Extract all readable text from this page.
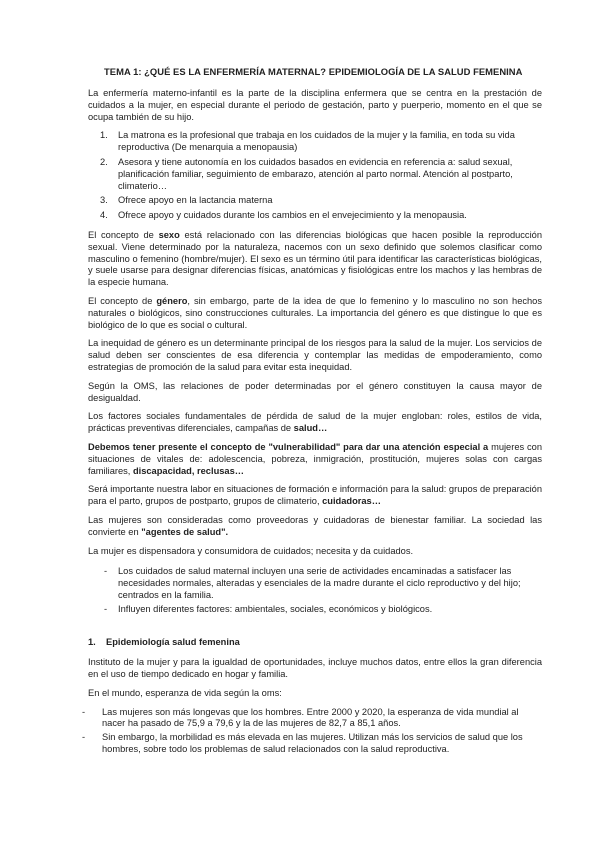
TEMA 1: ¿QUÉ ES LA ENFERMERÍA MATERNAL? EPIDEMIOLOGÍA DE LA SALUD FEMENINA

La enfermería materno-infantil es la parte de la disciplina enfermera que se centra en la prestación de cuidados a la mujer, en especial durante el periodo de gestación, parto y puerperio, momento en el que se ocupa también de su hijo.

1. La matrona es la profesional que trabaja en los cuidados de la mujer y la familia, en toda su vida reproductiva (De menarquia a menopausia)
2. Asesora y tiene autonomía en los cuidados basados en evidencia en referencia a: salud sexual, planificación familiar, seguimiento de embarazo, atención al parto normal. Atención al postparto, climaterio…
3. Ofrece apoyo en la lactancia materna
4. Ofrece apoyo y cuidados durante los cambios en el envejecimiento y la menopausia.

El concepto de sexo está relacionado con las diferencias biológicas que hacen posible la reproducción sexual. Viene determinado por la naturaleza, nacemos con un sexo definido que solemos clasificar como masculino o femenino (hombre/mujer). El sexo es un término útil para identificar las características biológicas, y suele usarse para designar diferencias físicas, anatómicas y fisiológicas entre los machos y las hembras de la especie humana.

El concepto de género, sin embargo, parte de la idea de que lo femenino y lo masculino no son hechos naturales o biológicos, sino construcciones culturales. La importancia del género es que distingue lo que es biológico de lo que es social o cultural.

La inequidad de género es un determinante principal de los riesgos para la salud de la mujer. Los servicios de salud deben ser conscientes de esa diferencia y contemplar las medidas de empoderamiento, como estrategias de promoción de la salud para evitar esta inequidad.

Según la OMS, las relaciones de poder determinadas por el género constituyen la causa mayor de desigualdad.

Los factores sociales fundamentales de pérdida de salud de la mujer engloban: roles, estilos de vida, prácticas preventivas diferenciales, campañas de salud…

Debemos tener presente el concepto de "vulnerabilidad" para dar una atención especial a mujeres con situaciones de vitales de: adolescencia, pobreza, inmigración, prostitución, mujeres solas con cargas familiares, discapacidad, reclusas…

Será importante nuestra labor en situaciones de formación e información para la salud: grupos de preparación para el parto, grupos de postparto, grupos de climaterio, cuidadoras…

Las mujeres son consideradas como proveedoras y cuidadoras de bienestar familiar. La sociedad las convierte en "agentes de salud".

La mujer es dispensadora y consumidora de cuidados; necesita y da cuidados.

- Los cuidados de salud maternal incluyen una serie de actividades encaminadas a satisfacer las necesidades normales, alteradas y esenciales de la madre durante el ciclo reproductivo y del hijo; centrados en la familia.
- Influyen diferentes factores: ambientales, sociales, económicos y biológicos.
1. Epidemiología salud femenina

Instituto de la mujer y para la igualdad de oportunidades, incluye muchos datos, entre ellos la gran diferencia en el uso de tiempo dedicado en hogar y familia.

En el mundo, esperanza de vida según la oms:

- Las mujeres son más longevas que los hombres. Entre 2000 y 2020, la esperanza de vida mundial al nacer ha pasado de 75,9 a 79,6 y la de las mujeres de 82,7 a 85,1 años.
- Sin embargo, la morbilidad es más elevada en las mujeres. Utilizan más los servicios de salud que los hombres, sobre todo los problemas de salud relacionados con la salud reproductiva.
